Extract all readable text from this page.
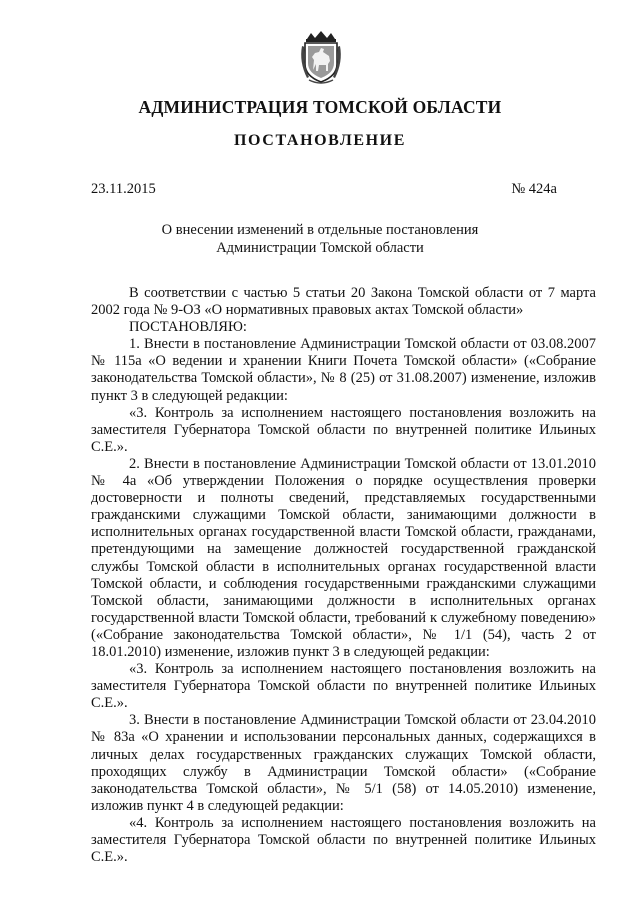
АДМИНИСТРАЦИЯ ТОМСКОЙ ОБЛАСТИ
ПОСТАНОВЛЕНИЕ
23.11.2015	№ 424а
О внесении изменений в отдельные постановления
Администрации Томской области

В соответствии с частью 5 статьи 20 Закона Томской области от 7 марта 2002 года № 9-ОЗ «О нормативных правовых актах Томской области»

ПОСТАНОВЛЯЮ:

1. Внести в постановление Администрации Томской области от 03.08.2007 № 115а «О ведении и хранении Книги Почета Томской области» («Собрание законодательства Томской области», № 8 (25) от 31.08.2007) изменение, изложив пункт 3 в следующей редакции:

«3. Контроль за исполнением настоящего постановления возложить на заместителя Губернатора Томской области по внутренней политике Ильиных С.Е.».

2. Внести в постановление Администрации Томской области от 13.01.2010 № 4а «Об утверждении Положения о порядке осуществления проверки достоверности и полноты сведений, представляемых государственными гражданскими служащими Томской области, занимающими должности в исполнительных органах государственной власти Томской области, гражданами, претендующими на замещение должностей государственной гражданской службы Томской области в исполнительных органах государственной власти Томской области, и соблюдения государственными гражданскими служащими Томской области, занимающими должности в исполнительных органах государственной власти Томской области, требований к служебному поведению» («Собрание законодательства Томской области», № 1/1 (54), часть 2 от 18.01.2010) изменение, изложив пункт 3 в следующей редакции:

«3. Контроль за исполнением настоящего постановления возложить на заместителя Губернатора Томской области по внутренней политике Ильиных С.Е.».

3. Внести в постановление Администрации Томской области от 23.04.2010 № 83а «О хранении и использовании персональных данных, содержащихся в личных делах государственных гражданских служащих Томской области, проходящих службу в Администрации Томской области» («Собрание законодательства Томской области», № 5/1 (58) от 14.05.2010) изменение, изложив пункт 4 в следующей редакции:

«4. Контроль за исполнением настоящего постановления возложить на заместителя Губернатора Томской области по внутренней политике Ильиных С.Е.».
